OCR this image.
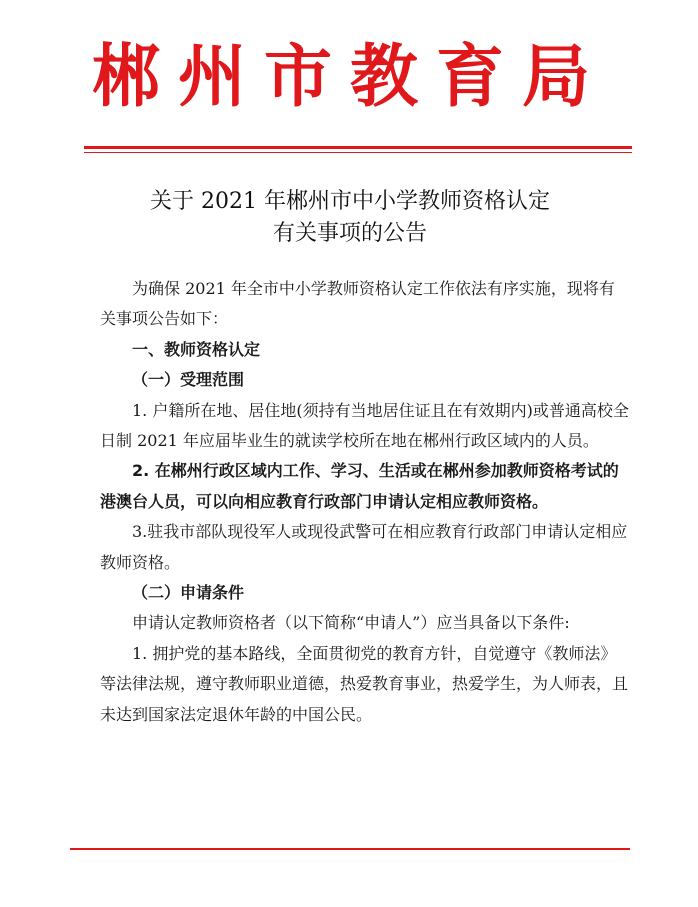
郴州市教育局
关于 2021 年郴州市中小学教师资格认定
有关事项的公告

为确保 2021 年全市中小学教师资格认定工作依法有序实施，现将有关事项公告如下：

一、教师资格认定

（一）受理范围

1. 户籍所在地、居住地(须持有当地居住证且在有效期内)或普通高校全日制 2021 年应届毕业生的就读学校所在地在郴州行政区域内的人员。

2. 在郴州行政区域内工作、学习、生活或在郴州参加教师资格考试的港澳台人员，可以向相应教育行政部门申请认定相应教师资格。

3.驻我市部队现役军人或现役武警可在相应教育行政部门申请认定相应教师资格。

（二）申请条件

申请认定教师资格者（以下简称“申请人”）应当具备以下条件:

1. 拥护党的基本路线，全面贯彻党的教育方针，自觉遵守《教师法》等法律法规，遵守教师职业道德，热爱教育事业，热爱学生，为人师表，且未达到国家法定退休年龄的中国公民。
